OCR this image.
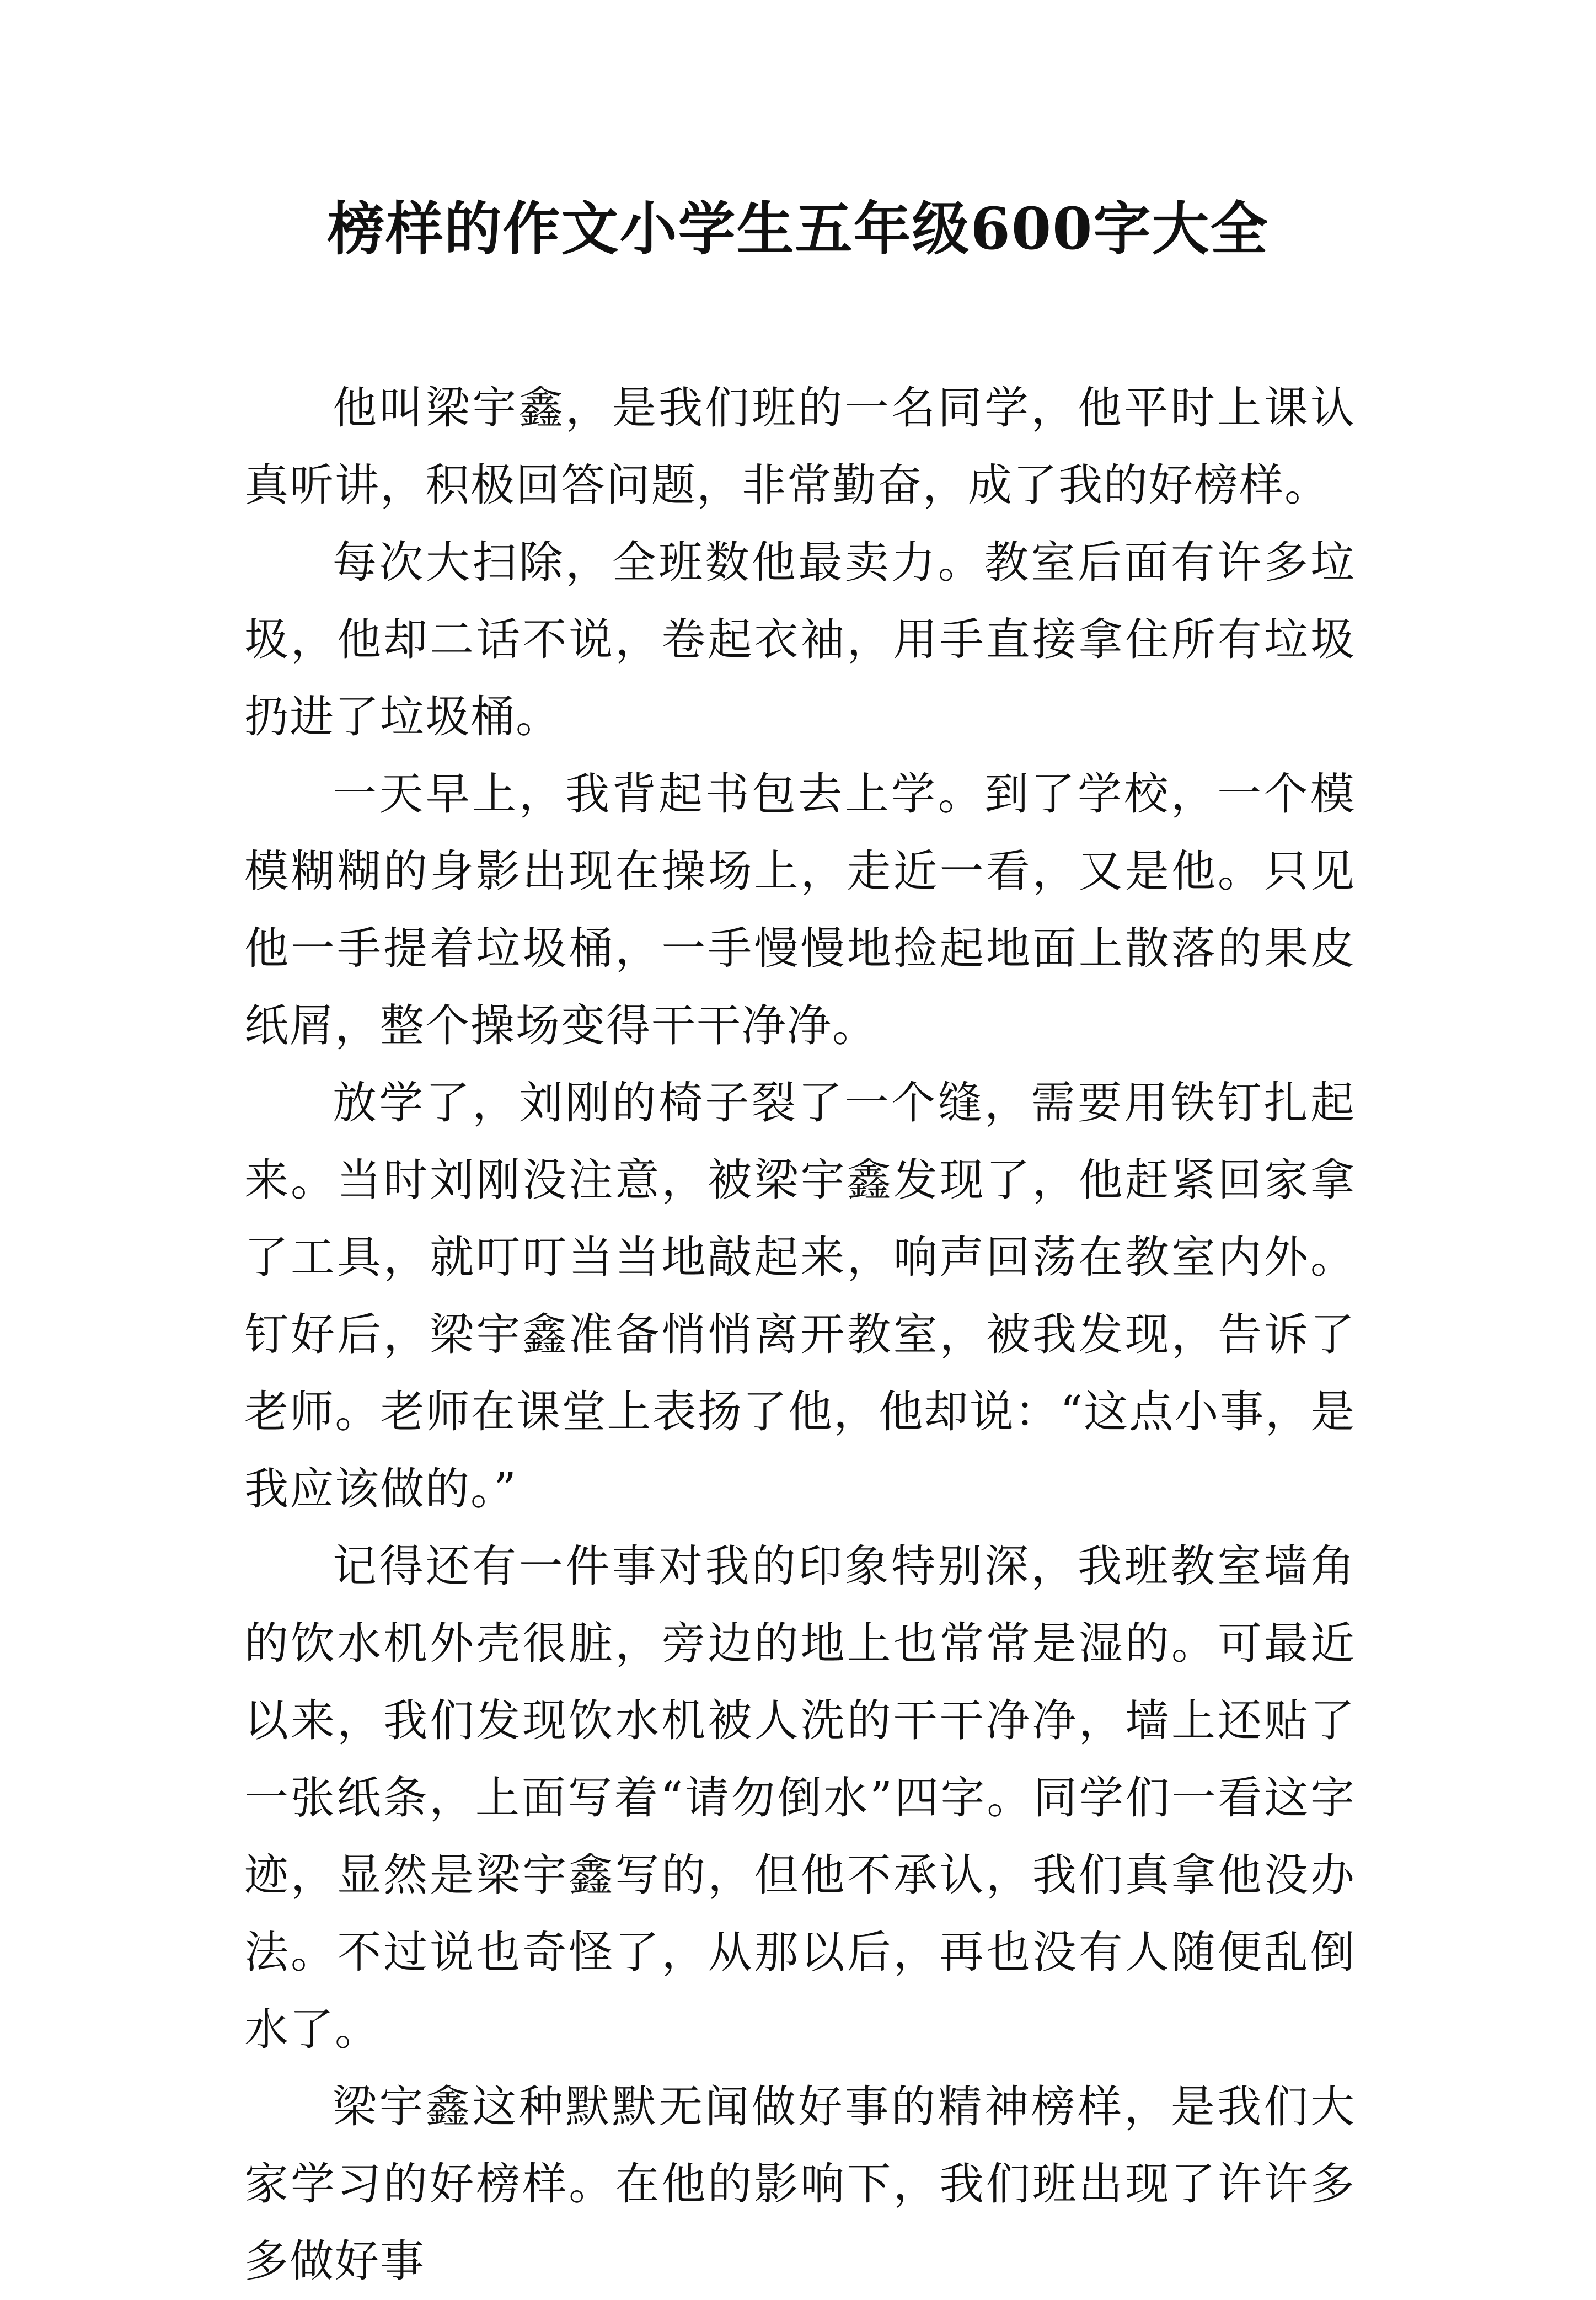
榜样的作文小学生五年级600字大全

他叫梁宇鑫，是我们班的一名同学，他平时上课认真听讲，积极回答问题，非常勤奋，成了我的好榜样。

每次大扫除，全班数他最卖力。教室后面有许多垃圾，他却二话不说，卷起衣袖，用手直接拿住所有垃圾扔进了垃圾桶。

一天早上，我背起书包去上学。到了学校，一个模模糊糊的身影出现在操场上，走近一看，又是他。只见他一手提着垃圾桶，一手慢慢地捡起地面上散落的果皮纸屑，整个操场变得干干净净。

放学了，刘刚的椅子裂了一个缝，需要用铁钉扎起来。当时刘刚没注意，被梁宇鑫发现了，他赶紧回家拿了工具，就叮叮当当地敲起来，响声回荡在教室内外。钉好后，梁宇鑫准备悄悄离开教室，被我发现，告诉了老师。老师在课堂上表扬了他，他却说：“这点小事，是我应该做的。”

记得还有一件事对我的印象特别深，我班教室墙角的饮水机外壳很脏，旁边的地上也常常是湿的。可最近以来，我们发现饮水机被人洗的干干净净，墙上还贴了一张纸条，上面写着“请勿倒水”四字。同学们一看这字迹，显然是梁宇鑫写的，但他不承认，我们真拿他没办法。不过说也奇怪了，从那以后，再也没有人随便乱倒水了。

梁宇鑫这种默默无闻做好事的精神榜样，是我们大家学习的好榜样。在他的影响下，我们班出现了许许多多做好事
